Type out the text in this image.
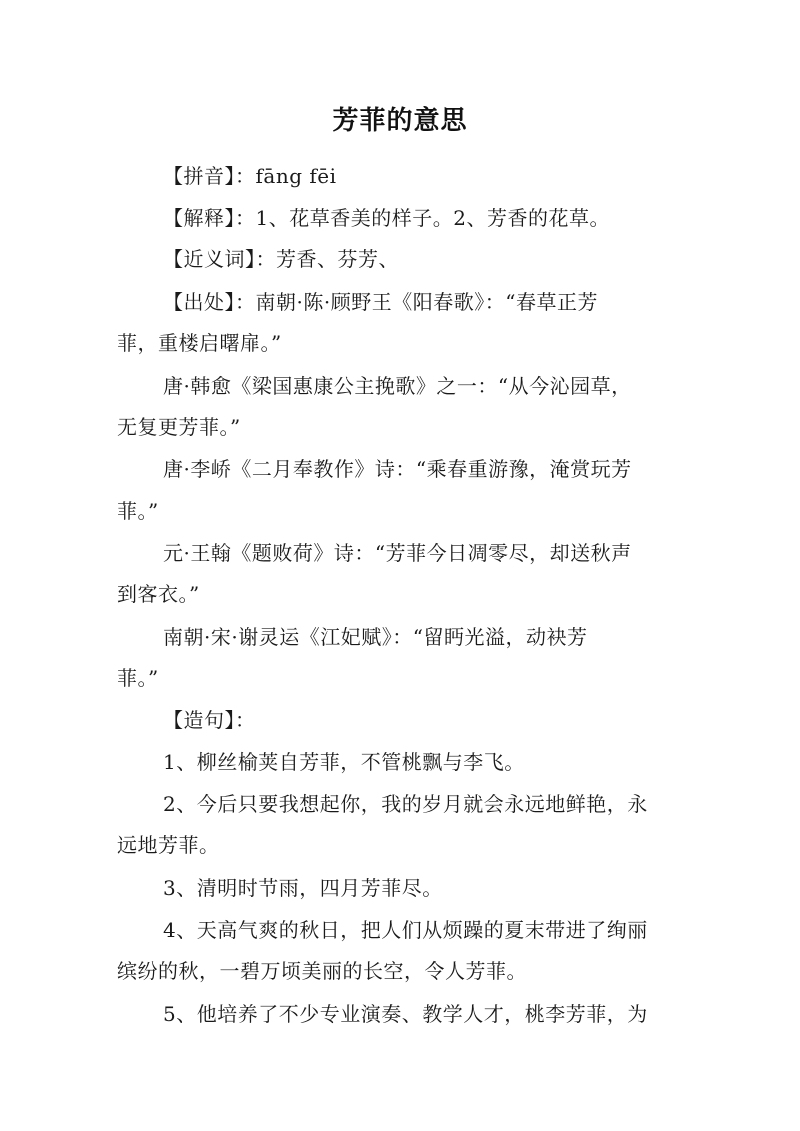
芳菲的意思
【拼音】：fāng fēi
【解释】：1、花草香美的样子。2、芳香的花草。
【近义词】：芳香、芬芳、
【出处】：南朝·陈·顾野王《阳春歌》：“春草正芳
菲，重楼启曙扉。”
唐·韩愈《梁国惠康公主挽歌》之一：“从今沁园草，
无复更芳菲。”
唐·李峤《二月奉教作》诗：“乘春重游豫，淹赏玩芳
菲。”
元·王翰《题败荷》诗：“芳菲今日凋零尽，却送秋声
到客衣。”
南朝·宋·谢灵运《江妃赋》：“留眄光溢，动袂芳
菲。”
【造句】：
1、柳丝榆荚自芳菲，不管桃飘与李飞。
2、今后只要我想起你，我的岁月就会永远地鲜艳，永
远地芳菲。
3、清明时节雨，四月芳菲尽。
4、天高气爽的秋日，把人们从烦躁的夏末带进了绚丽
缤纷的秋，一碧万顷美丽的长空，令人芳菲。
5、他培养了不少专业演奏、教学人才，桃李芳菲，为
